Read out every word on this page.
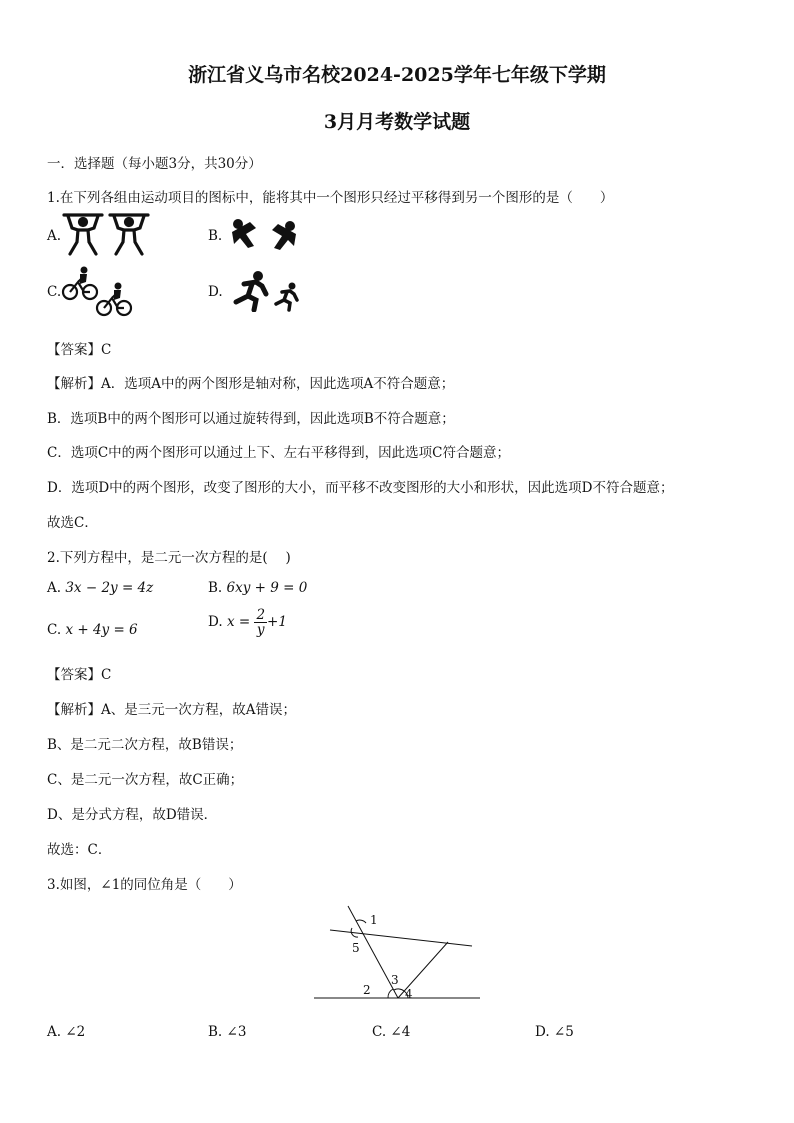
浙江省义乌市名校2024-2025学年七年级下学期
3月月考数学试题
一．选择题（每小题3分，共30分）
1.在下列各组由运动项目的图标中，能将其中一个图形只经过平移得到另一个图形的是（　　）
A.	B.
C.	D.
【答案】C
【解析】A．选项A中的两个图形是轴对称，因此选项A不符合题意；
B．选项B中的两个图形可以通过旋转得到，因此选项B不符合题意；
C．选项C中的两个图形可以通过上下、左右平移得到，因此选项C符合题意；
D．选项D中的两个图形，改变了图形的大小，而平移不改变图形的大小和形状，因此选项D不符合题意；
故选C．
2.下列方程中，是二元一次方程的是(　 )
A. 3x − 2y = 4z	B. 6xy + 9 = 0
C. x + 4y = 6	D. $x = \frac{2}{y} +1$
【答案】C
【解析】A、是三元一次方程，故A错误；
B、是二元二次方程，故B错误；
C、是二元一次方程，故C正确；
D、是分式方程，故D错误．
故选：C．
3.如图，∠1的同位角是（　　）
1
5
3
2	4
A. ∠2	B. ∠3	C. ∠4	D. ∠5
